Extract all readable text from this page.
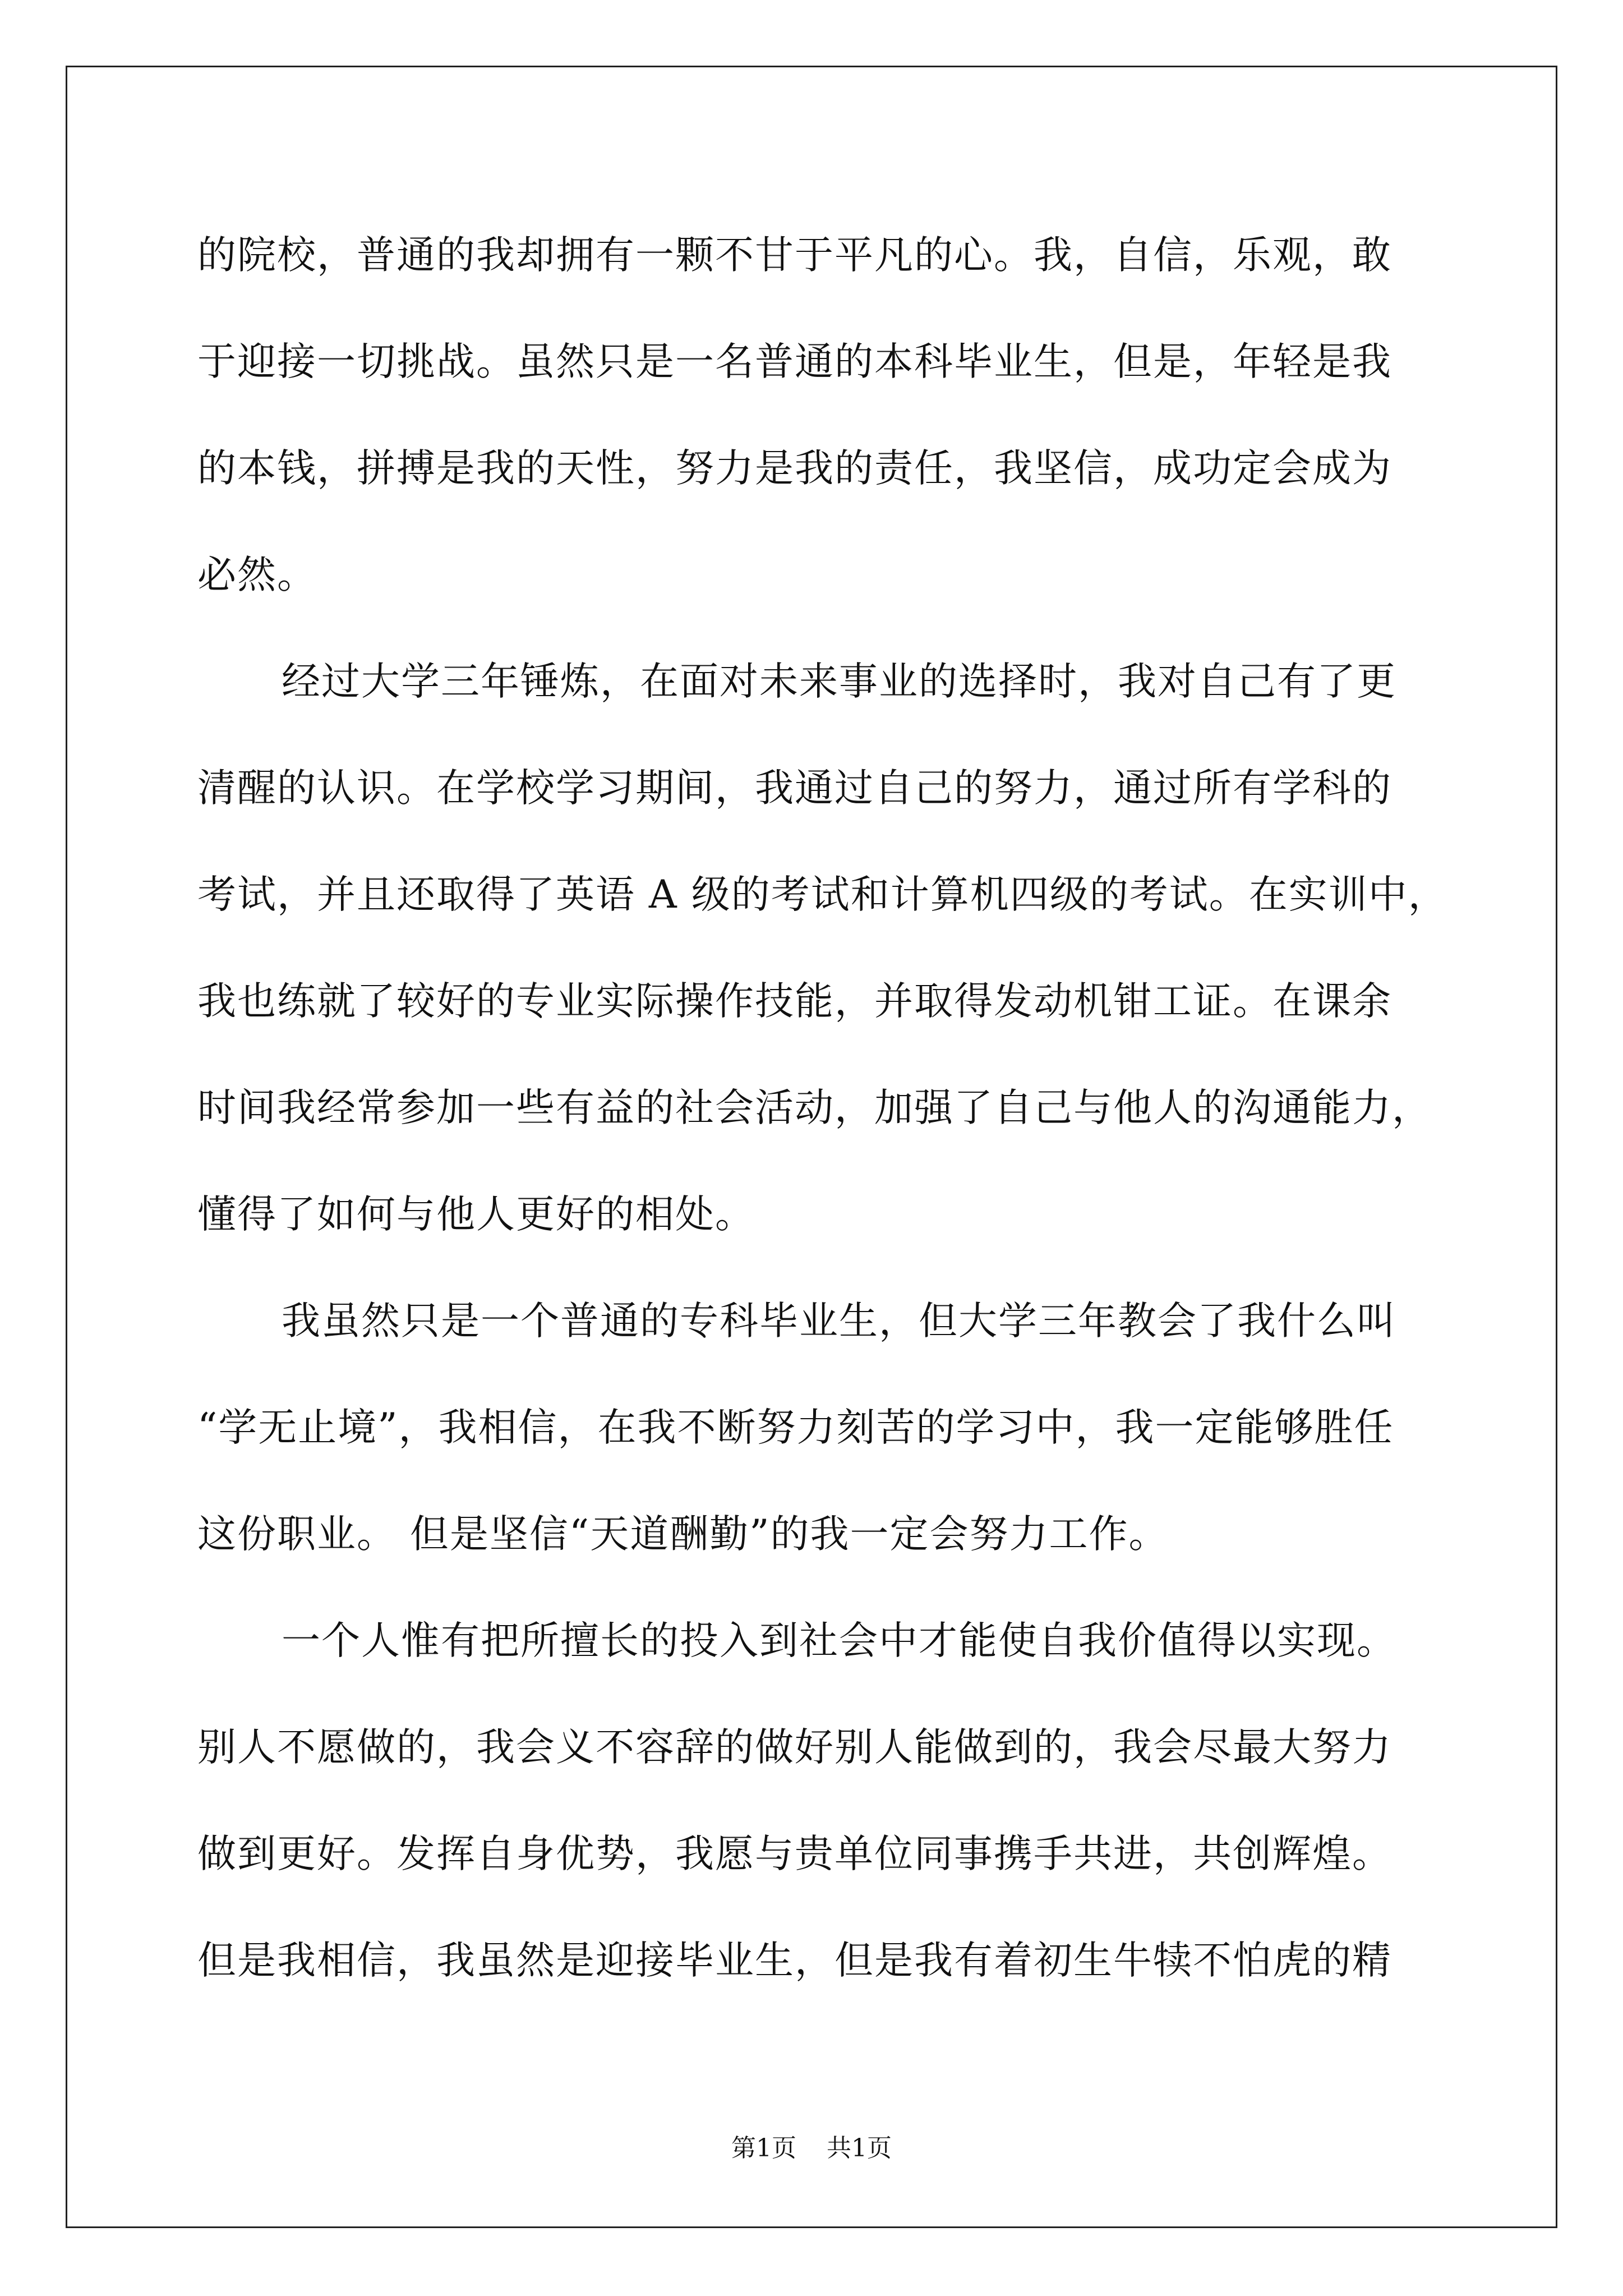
的院校，普通的我却拥有一颗不甘于平凡的心。我，自信，乐观，敢
于迎接一切挑战。虽然只是一名普通的本科毕业生，但是，年轻是我
的本钱，拼搏是我的天性，努力是我的责任，我坚信，成功定会成为
必然。
经过大学三年锤炼，在面对未来事业的选择时，我对自己有了更
清醒的认识。在学校学习期间，我通过自己的努力，通过所有学科的
考试，并且还取得了英语 A 级的考试和计算机四级的考试。在实训中，
我也练就了较好的专业实际操作技能，并取得发动机钳工证。在课余
时间我经常参加一些有益的社会活动，加强了自己与他人的沟通能力，
懂得了如何与他人更好的相处。
我虽然只是一个普通的专科毕业生，但大学三年教会了我什么叫
“学无止境”，我相信，在我不断努力刻苦的学习中，我一定能够胜任
这份职业。 但是坚信“天道酬勤”的我一定会努力工作。
一个人惟有把所擅长的投入到社会中才能使自我价值得以实现。
别人不愿做的，我会义不容辞的做好别人能做到的，我会尽最大努力
做到更好。发挥自身优势，我愿与贵单位同事携手共进，共创辉煌。
但是我相信，我虽然是迎接毕业生，但是我有着初生牛犊不怕虎的精
第1页 共1页
